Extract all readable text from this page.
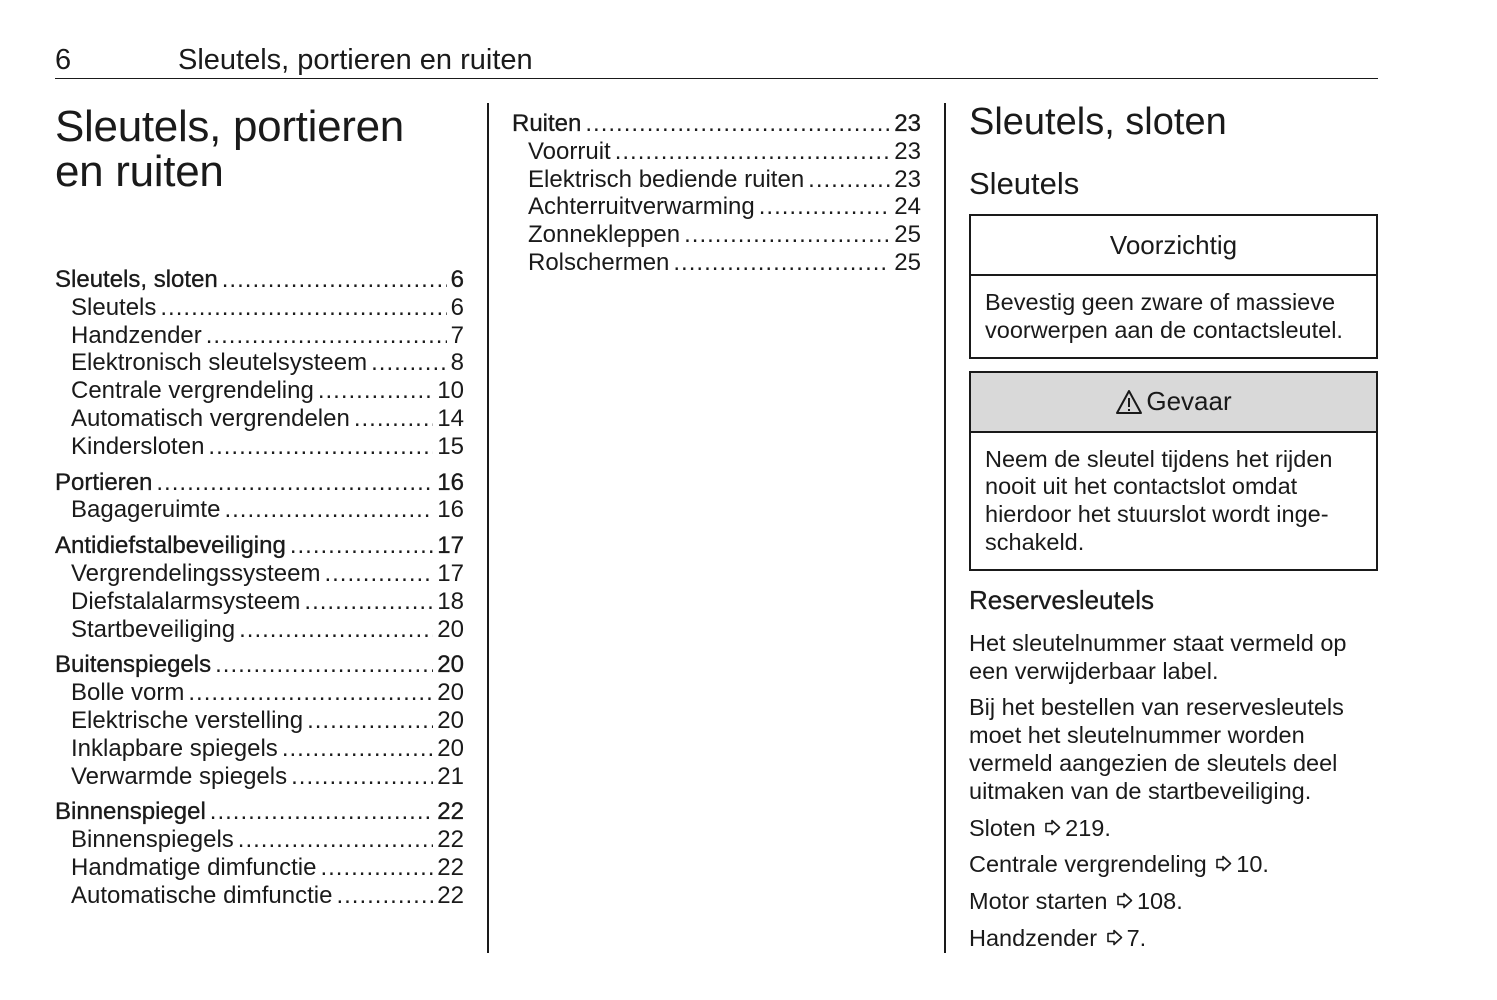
6	Sleutels, portieren en ruiten
Sleutels, portieren
en ruiten
Sleutels, sloten .....	6
Sleutels .....	6
Handzender .....	7
Elektronisch sleutelsysteem .....	8
Centrale vergrendeling .....	10
Automatisch vergrendelen .....	14
Kindersloten .....	15
Portieren .....	16
Bagageruimte .....	16
Antidiefstalbeveiliging .....	17
Vergrendelingssysteem .....	17
Diefstalalarmsysteem .....	18
Startbeveiliging .....	20
Buitenspiegels .....	20
Bolle vorm .....	20
Elektrische verstelling .....	20
Inklapbare spiegels .....	20
Verwarmde spiegels .....	21
Binnenspiegel .....	22
Binnenspiegels .....	22
Handmatige dimfunctie .....	22
Automatische dimfunctie .....	22
Ruiten .....	23
Voorruit .....	23
Elektrisch bediende ruiten .....	23
Achterruitverwarming .....	24
Zonnekleppen .....	25
Rolschermen .....	25
Sleutels, sloten
Sleutels
Voorzichtig
Bevestig geen zware of massieve voorwerpen aan de contactsleutel.
Gevaar
Neem de sleutel tijdens het rijden
nooit uit het contactslot omdat
hierdoor het stuurslot wordt inge-
schakeld.
Reservesleutels

Het sleutelnummer staat vermeld op een verwijderbaar label.

Bij het bestellen van reservesleutels moet het sleutelnummer worden vermeld aangezien de sleutels deel uitmaken van de startbeveiliging.

Sloten 219.

Centrale vergrendeling 10.

Motor starten 108.

Handzender 7.
